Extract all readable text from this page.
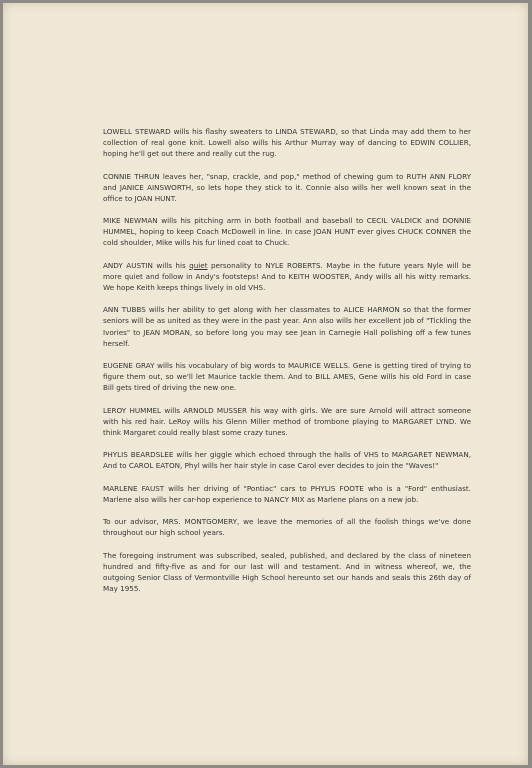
LOWELL STEWARD wills his flashy sweaters to LINDA STEWARD, so that Linda may add them to her collection of real gone knit. Lowell also wills his Arthur Murray way of dancing to EDWIN COLLIER, hoping he'll get out there and really cut the rug.

CONNIE THRUN leaves her, "snap, crackle, and pop," method of chewing gum to RUTH ANN FLORY and JANICE AINSWORTH, so lets hope they stick to it. Connie also wills her well known seat in the office to JOAN HUNT.

MIKE NEWMAN wills his pitching arm in both football and baseball to CECIL VALDICK and DONNIE HUMMEL, hoping to keep Coach McDowell in line. In case JOAN HUNT ever gives CHUCK CONNER the cold shoulder, Mike wills his fur lined coat to Chuck.

ANDY AUSTIN wills his quiet personality to NYLE ROBERTS. Maybe in the future years Nyle will be more quiet and follow in Andy's footsteps! And to KEITH WOOSTER, Andy wills all his witty remarks. We hope Keith keeps things lively in old VHS.

ANN TUBBS wills her ability to get along with her classmates to ALICE HARMON so that the former seniors will be as united as they were in the past year. Ann also wills her excellent job of "Tickling the Ivories" to JEAN MORAN, so before long you may see Jean in Carnegie Hall polishing off a few tunes herself.

EUGENE GRAY wills his vocabulary of big words to MAURICE WELLS. Gene is getting tired of trying to figure them out, so we'll let Maurice tackle them. And to BILL AMES, Gene wills his old Ford in case Bill gets tired of driving the new one.

LEROY HUMMEL wills ARNOLD MUSSER his way with girls. We are sure Arnold will attract someone with his red hair. LeRoy wills his Glenn Miller method of trombone playing to MARGARET LYND. We think Margaret could really blast some crazy tunes.

PHYLIS BEARDSLEE wills her giggle which echoed through the halls of VHS to MARGARET NEWMAN, And to CAROL EATON, Phyl wills her hair style in case Carol ever decides to join the "Waves!"

MARLENE FAUST wills her driving of "Pontiac" cars to PHYLIS FOOTE who is a "Ford" enthusiast. Marlene also wills her car-hop experience to NANCY MIX as Marlene plans on a new job.

To our advisor, MRS. MONTGOMERY, we leave the memories of all the foolish things we've done throughout our high school years.

The foregoing instrument was subscribed, sealed, published, and declared by the class of nineteen hundred and fifty-five as and for our last will and testament. And in witness whereof, we, the outgoing Senior Class of Vermontville High School hereunto set our hands and seals this 26th day of May 1955.
